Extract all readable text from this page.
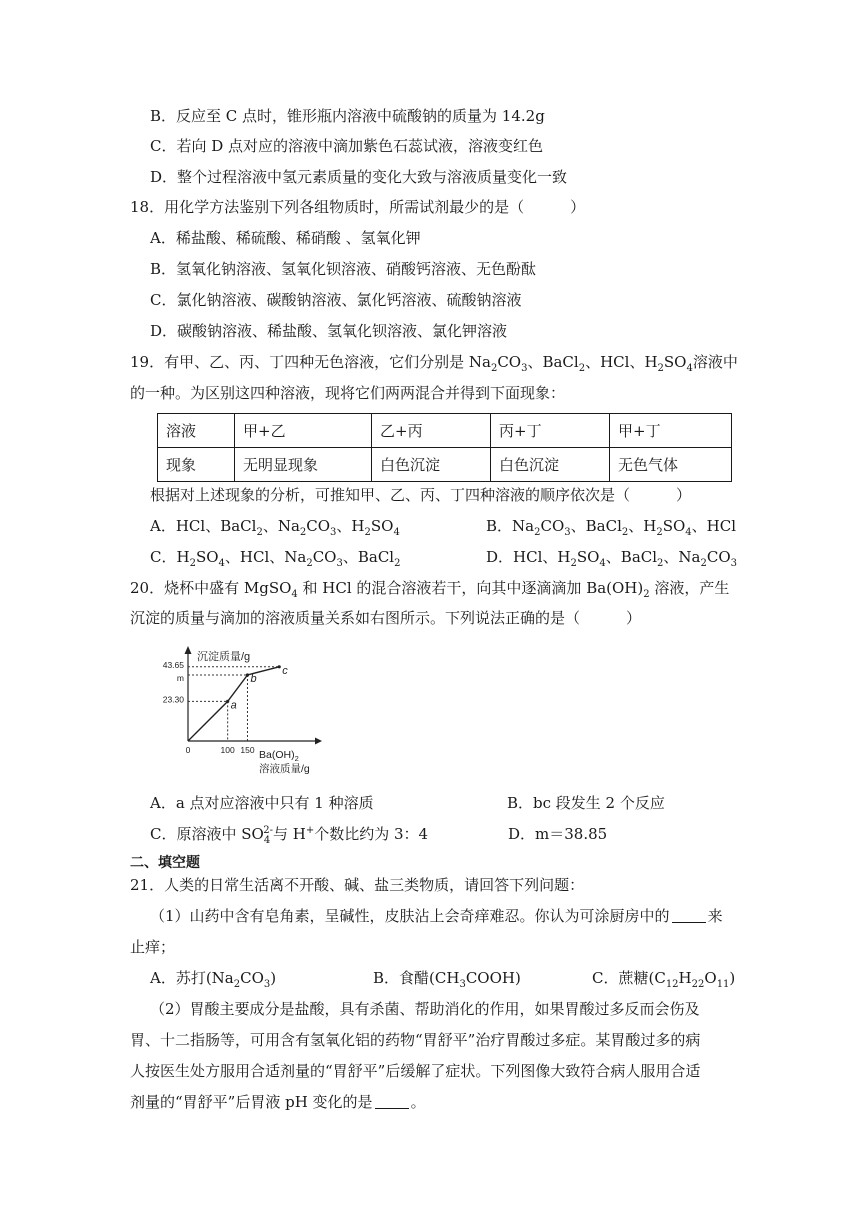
B．反应至 C 点时，锥形瓶内溶液中硫酸钠的质量为 14.2g
C．若向 D 点对应的溶液中滴加紫色石蕊试液，溶液变红色
D．整个过程溶液中氢元素质量的变化大致与溶液质量变化一致
18．用化学方法鉴别下列各组物质时，所需试剂最少的是（	）
A．稀盐酸、稀硫酸、稀硝酸 、氢氧化钾
B．氢氧化钠溶液、氢氧化钡溶液、硝酸钙溶液、无色酚酞
C．氯化钠溶液、碳酸钠溶液、氯化钙溶液、硫酸钠溶液
D．碳酸钠溶液、稀盐酸、氢氧化钡溶液、氯化钾溶液
19．有甲、乙、丙、丁四种无色溶液，它们分别是 $Na_2CO_3$、BaCl$_2$、HCl、$H_2SO_4$溶液中
的一种。为区别这四种溶液，现将它们两两混合并得到下面现象：
溶液	甲+乙	乙+丙	丙+丁	甲+丁
现象	无明显现象	白色沉淀	白色沉淀	无色气体
根据对上述现象的分析，可推知甲、乙、丙、丁四种溶液的顺序依次是（	）
A．HCl、BaCl$_2$、$Na_2CO_3$、$H_2SO_4$	B．$Na_2CO_3$、BaCl$_2$、$H_2SO_4$、HCl
C．$H_2SO_4$、HCl、$Na_2CO_3$、BaCl$_2$	D．HCl、$H_2SO_4$、BaCl$_2$、$Na_2CO_3$
20．烧杯中盛有 MgSO$_4$ 和 HCl 的混合溶液若干，向其中逐滴滴加 $Ba(OH)_2$ 溶液，产生
沉淀的质量与滴加的溶液质量关系如右图所示。下列说法正确的是（	）
沉淀质量/g
$Ba(OH)_2$
溶液质量/g
a
b
c
43.65
m
23.30
0	100 150
A．a 点对应溶液中只有 1 种溶质	B．bc 段发生 2 个反应
C．原溶液中 $SO_4^{2-}$与 H+个数比约为 3：4	D．m＝38.85
二、填空题
21．人类的日常生活离不开酸、碱、盐三类物质，请回答下列问题：
（1）山药中含有皂角素，呈碱性，皮肤沾上会奇痒难忍。你认为可涂厨房中的	来
止痒；
A．苏打$(Na_2CO_3)$	B．食醋$(CH_3COOH)$	C．蔗糖$(C_{12}H_{22}O_{11})$
（2）胃酸主要成分是盐酸，具有杀菌、帮助消化的作用，如果胃酸过多反而会伤及
胃、十二指肠等，可用含有氢氧化铝的药物“胃舒平”治疗胃酸过多症。某胃酸过多的病
人按医生处方服用合适剂量的“胃舒平”后缓解了症状。下列图像大致符合病人服用合适
剂量的“胃舒平”后胃液 pH 变化的是	。
